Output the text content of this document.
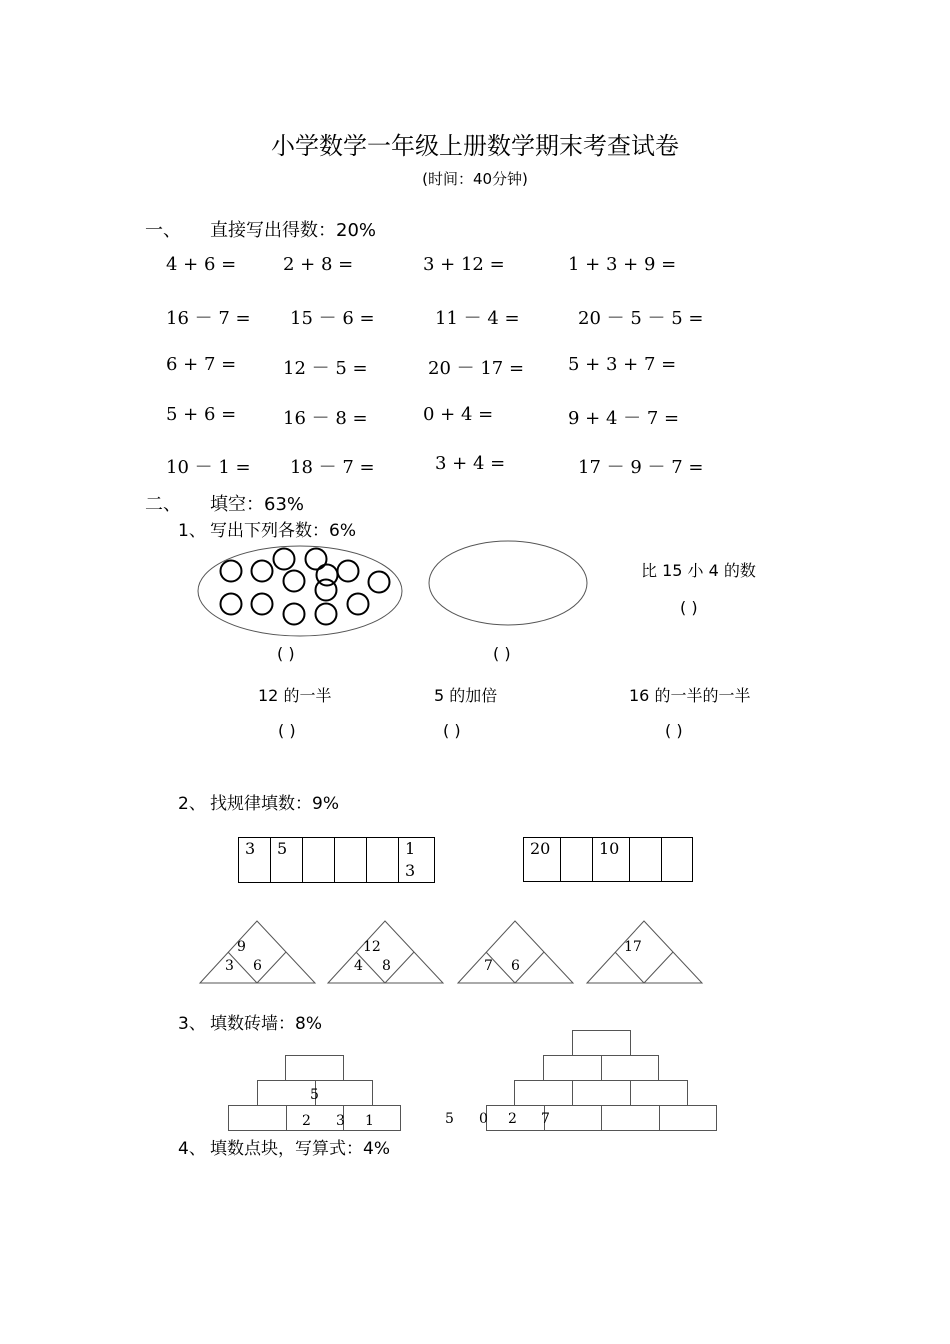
小学数学一年级上册数学期末考查试卷
(时间：40分钟)
一、 直接写出得数：20%
4 + 6 =	2 + 8 =	3 + 12 =	1 + 3 + 9 =
16 － 7 = 15 － 6 =	11 － 4 =	20 － 5 － 5 =
6 + 7 =	12 － 5 =	20 － 17 = 5 + 3 + 7 =
5 + 6 =	16 － 8 =	0 + 4 =	9 + 4 － 7 =
10 － 1 = 18 － 7 =	3 + 4 =	17 － 9 － 7 =
二、 填空：63%
1、 写出下列各数：6%
( )	( )
比 15 小 4 的数
( )
12 的一半	5 的加倍	16 的一半的一半
( )	( )	( )
2、 找规律填数：9%
3	5				1
3
20		10		
9
3 6
12
4 8	7 6
17
3、 填数砖墙：8%
5
2 3 1	5 0 2 7
4、 填数点块，写算式：4%
